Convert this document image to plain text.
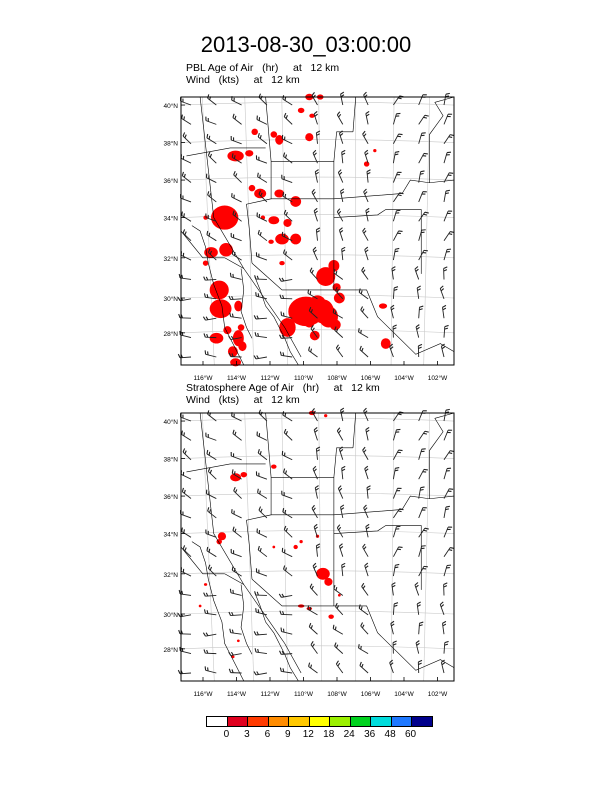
2013-08-30_03:00:00
PBL Age of Air   (hr)     at   12 km
Wind   (kts)     at   12 km
Stratosphere Age of Air   (hr)     at   12 km
Wind   (kts)     at   12 km
40°N
38°N
36°N
34°N
32°N
30°N
28°N
116°W 114°W 112°W 110°W 108°W 106°W 104°W 102°W
40°N
38°N
36°N
34°N
32°N
30°N
28°N
116°W 114°W 112°W 110°W 108°W 106°W 104°W 102°W
0 3 6 9 12 18 24 36 48 60
